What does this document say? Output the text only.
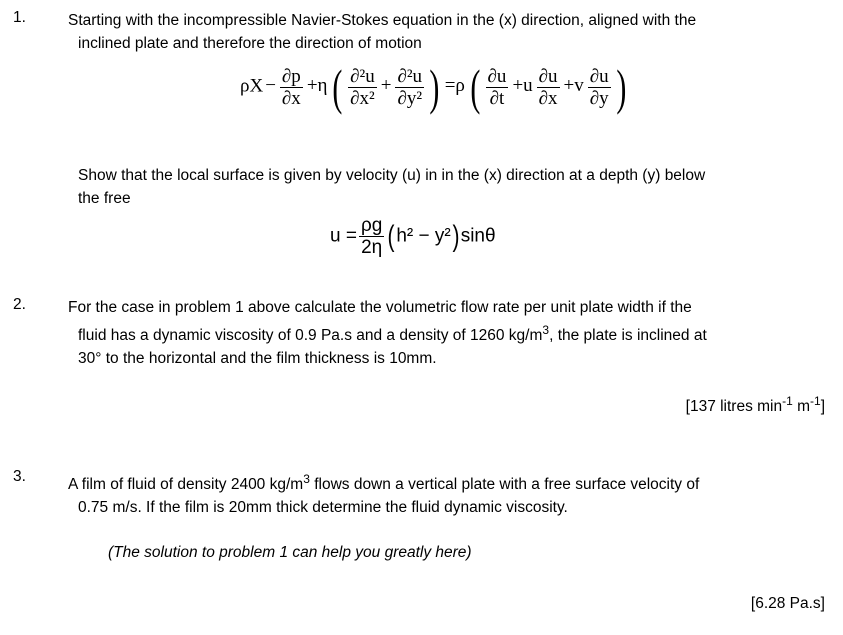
1.	Starting with the incompressible Navier-Stokes equation in the (x) direction, aligned with the
inclined plate and therefore the direction of motion
$\rho X - \frac{\partial p}{\partial x} +\eta$ ( $\frac{\text{∂²u}}{\text{∂x²}} + \frac{\text{∂²u}}{\text{∂y²}}$ ) =ρ ( $\frac{\partial u}{\partial t} +u \frac{\partial u}{\partial x} +v \frac{\partial u}{\partial y}$ )
Show that the local surface is given by velocity (u) in in the (x) direction at a depth (y) below
the free
$u = \frac{\rho g}{2\eta} (h^2 - y^2)\sin\theta$
2.	For the case in problem 1 above calculate the volumetric flow rate per unit plate width if the
fluid has a dynamic viscosity of 0.9 Pa.s and a density of 1260 $kg/m^3$, the plate is inclined at
30° to the horizontal and the film thickness is 10mm.
[137 litres $\min^{-1} m^{-1}$]
3.	A film of fluid of density 2400 $kg/m^3$ flows down a vertical plate with a free surface velocity of
0.75 m/s. If the film is 20mm thick determine the fluid dynamic viscosity.
(The solution to problem 1 can help you greatly here)
[6.28 Pa.s]
